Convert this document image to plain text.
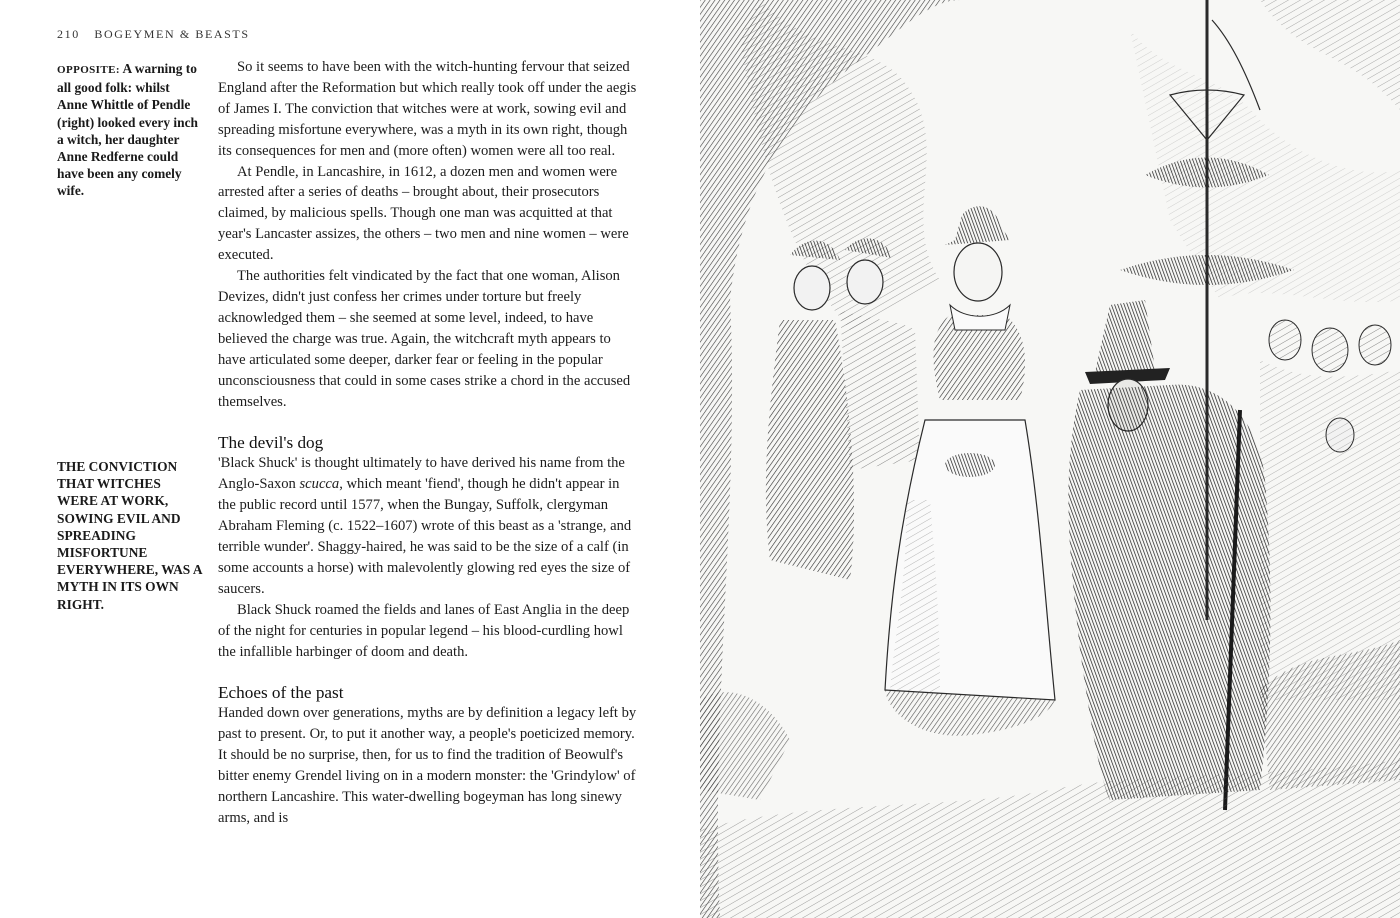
210 BOGEYMEN & BEASTS
OPPOSITE: A warning to all good folk: whilst Anne Whittle of Pendle (right) looked every inch a witch, her daughter Anne Redferne could have been any comely wife.
THE CONVICTION THAT WITCHES WERE AT WORK, SOWING EVIL AND SPREADING MISFORTUNE EVERYWHERE, WAS A MYTH IN ITS OWN RIGHT.

So it seems to have been with the witch-hunting fervour that seized England after the Reformation but which really took off under the aegis of James I. The conviction that witches were at work, sowing evil and spreading misfortune everywhere, was a myth in its own right, though its consequences for men and (more often) women were all too real.

At Pendle, in Lancashire, in 1612, a dozen men and women were arrested after a series of deaths – brought about, their prosecutors claimed, by malicious spells. Though one man was acquitted at that year's Lancaster assizes, the others – two men and nine women – were executed.

The authorities felt vindicated by the fact that one woman, Alison Devizes, didn't just confess her crimes under torture but freely acknowledged them – she seemed at some level, indeed, to have believed the charge was true. Again, the witchcraft myth appears to have articulated some deeper, darker fear or feeling in the popular unconsciousness that could in some cases strike a chord in the accused themselves.

The devil's dog

'Black Shuck' is thought ultimately to have derived his name from the Anglo-Saxon scucca, which meant 'fiend', though he didn't appear in the public record until 1577, when the Bungay, Suffolk, clergyman Abraham Fleming (c. 1522–1607) wrote of this beast as a 'strange, and terrible wunder'. Shaggy-haired, he was said to be the size of a calf (in some accounts a horse) with malevolently glowing red eyes the size of saucers.

Black Shuck roamed the fields and lanes of East Anglia in the deep of the night for centuries in popular legend – his blood-curdling howl the infallible harbinger of doom and death.

Echoes of the past

Handed down over generations, myths are by definition a legacy left by past to present. Or, to put it another way, a people's poeticized memory. It should be no surprise, then, for us to find the tradition of Beowulf's bitter enemy Grendel living on in a modern monster: the 'Grindylow' of northern Lancashire. This water-dwelling bogeyman has long sinewy arms, and is
